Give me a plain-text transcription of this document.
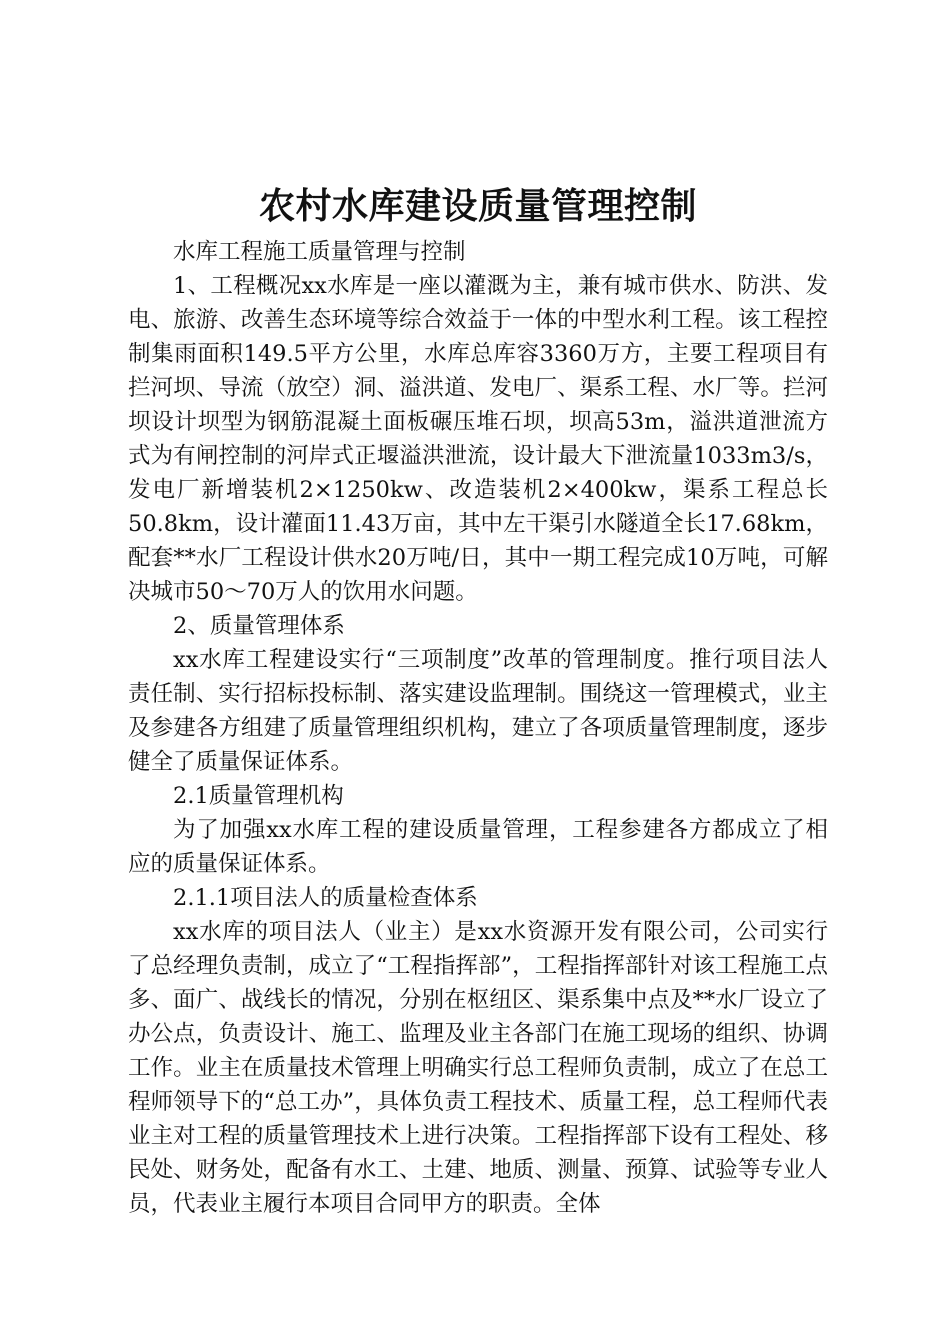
农村水库建设质量管理控制

水库工程施工质量管理与控制

1、工程概况xx水库是一座以灌溉为主，兼有城市供水、防洪、发电、旅游、改善生态环境等综合效益于一体的中型水利工程。该工程控制集雨面积149.5平方公里，水库总库容3360万方，主要工程项目有拦河坝、导流（放空）洞、溢洪道、发电厂、渠系工程、水厂等。拦河坝设计坝型为钢筋混凝土面板碾压堆石坝，坝高53m，溢洪道泄流方式为有闸控制的河岸式正堰溢洪泄流，设计最大下泄流量1033m3/s，发电厂新增装机2×1250kw、改造装机2×400kw，渠系工程总长50.8km，设计灌面11.43万亩，其中左干渠引水隧道全长17.68km，配套**水厂工程设计供水20万吨/日，其中一期工程完成10万吨，可解决城市50～70万人的饮用水问题。

2、质量管理体系

xx水库工程建设实行“三项制度”改革的管理制度。推行项目法人责任制、实行招标投标制、落实建设监理制。围绕这一管理模式，业主及参建各方组建了质量管理组织机构，建立了各项质量管理制度，逐步健全了质量保证体系。

2.1质量管理机构

为了加强xx水库工程的建设质量管理，工程参建各方都成立了相应的质量保证体系。

2.1.1项目法人的质量检查体系

xx水库的项目法人（业主）是xx水资源开发有限公司，公司实行了总经理负责制，成立了“工程指挥部”，工程指挥部针对该工程施工点多、面广、战线长的情况，分别在枢纽区、渠系集中点及**水厂设立了办公点，负责设计、施工、监理及业主各部门在施工现场的组织、协调工作。业主在质量技术管理上明确实行总工程师负责制，成立了在总工程师领导下的“总工办”，具体负责工程技术、质量工程，总工程师代表业主对工程的质量管理技术上进行决策。工程指挥部下设有工程处、移民处、财务处，配备有水工、土建、地质、测量、预算、试验等专业人员，代表业主履行本项目合同甲方的职责。全体
